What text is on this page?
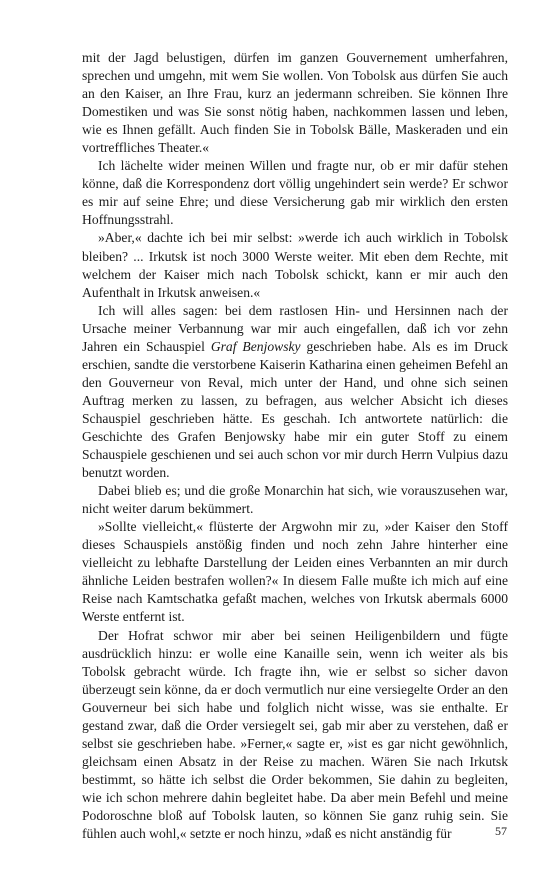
mit der Jagd belustigen, dürfen im ganzen Gouvernement umherfahren, sprechen und umgehn, mit wem Sie wollen. Von Tobolsk aus dürfen Sie auch an den Kaiser, an Ihre Frau, kurz an jedermann schreiben. Sie können Ihre Domestiken und was Sie sonst nötig haben, nachkommen lassen und leben, wie es Ihnen gefällt. Auch finden Sie in Tobolsk Bälle, Maskeraden und ein vortreffliches Theater.«

Ich lächelte wider meinen Willen und fragte nur, ob er mir dafür stehen könne, daß die Korrespondenz dort völlig ungehindert sein werde? Er schwor es mir auf seine Ehre; und diese Versicherung gab mir wirklich den ersten Hoffnungsstrahl.

»Aber,« dachte ich bei mir selbst: »werde ich auch wirklich in Tobolsk bleiben? ... Irkutsk ist noch 3000 Werste weiter. Mit eben dem Rechte, mit welchem der Kaiser mich nach Tobolsk schickt, kann er mir auch den Aufenthalt in Irkutsk anweisen.«

Ich will alles sagen: bei dem rastlosen Hin- und Hersinnen nach der Ursache meiner Verbannung war mir auch eingefallen, daß ich vor zehn Jahren ein Schauspiel Graf Benjowsky geschrieben habe. Als es im Druck erschien, sandte die verstorbene Kaiserin Katharina einen geheimen Befehl an den Gouverneur von Reval, mich unter der Hand, und ohne sich seinen Auftrag merken zu lassen, zu befragen, aus welcher Absicht ich dieses Schauspiel geschrieben hätte. Es geschah. Ich antwortete natürlich: die Geschichte des Grafen Benjowsky habe mir ein guter Stoff zu einem Schauspiele geschienen und sei auch schon vor mir durch Herrn Vulpius dazu benutzt worden.

Dabei blieb es; und die große Monarchin hat sich, wie vorauszusehen war, nicht weiter darum bekümmert.

»Sollte vielleicht,« flüsterte der Argwohn mir zu, »der Kaiser den Stoff dieses Schauspiels anstößig finden und noch zehn Jahre hinterher eine vielleicht zu lebhafte Darstellung der Leiden eines Verbannten an mir durch ähnliche Leiden bestrafen wollen?« In diesem Falle mußte ich mich auf eine Reise nach Kamtschatka gefaßt machen, welches von Irkutsk abermals 6000 Werste entfernt ist.

Der Hofrat schwor mir aber bei seinen Heiligenbildern und fügte ausdrücklich hinzu: er wolle eine Kanaille sein, wenn ich weiter als bis Tobolsk gebracht würde. Ich fragte ihn, wie er selbst so sicher davon überzeugt sein könne, da er doch vermutlich nur eine versiegelte Order an den Gouverneur bei sich habe und folglich nicht wisse, was sie enthalte. Er gestand zwar, daß die Order versiegelt sei, gab mir aber zu verstehen, daß er selbst sie geschrieben habe. »Ferner,« sagte er, »ist es gar nicht gewöhnlich, gleichsam einen Absatz in der Reise zu machen. Wären Sie nach Irkutsk bestimmt, so hätte ich selbst die Order bekommen, Sie dahin zu begleiten, wie ich schon mehrere dahin begleitet habe. Da aber mein Befehl und meine Podoroschne bloß auf Tobolsk lauten, so können Sie ganz ruhig sein. Sie fühlen auch wohl,« setzte er noch hinzu, »daß es nicht anständig für	57
